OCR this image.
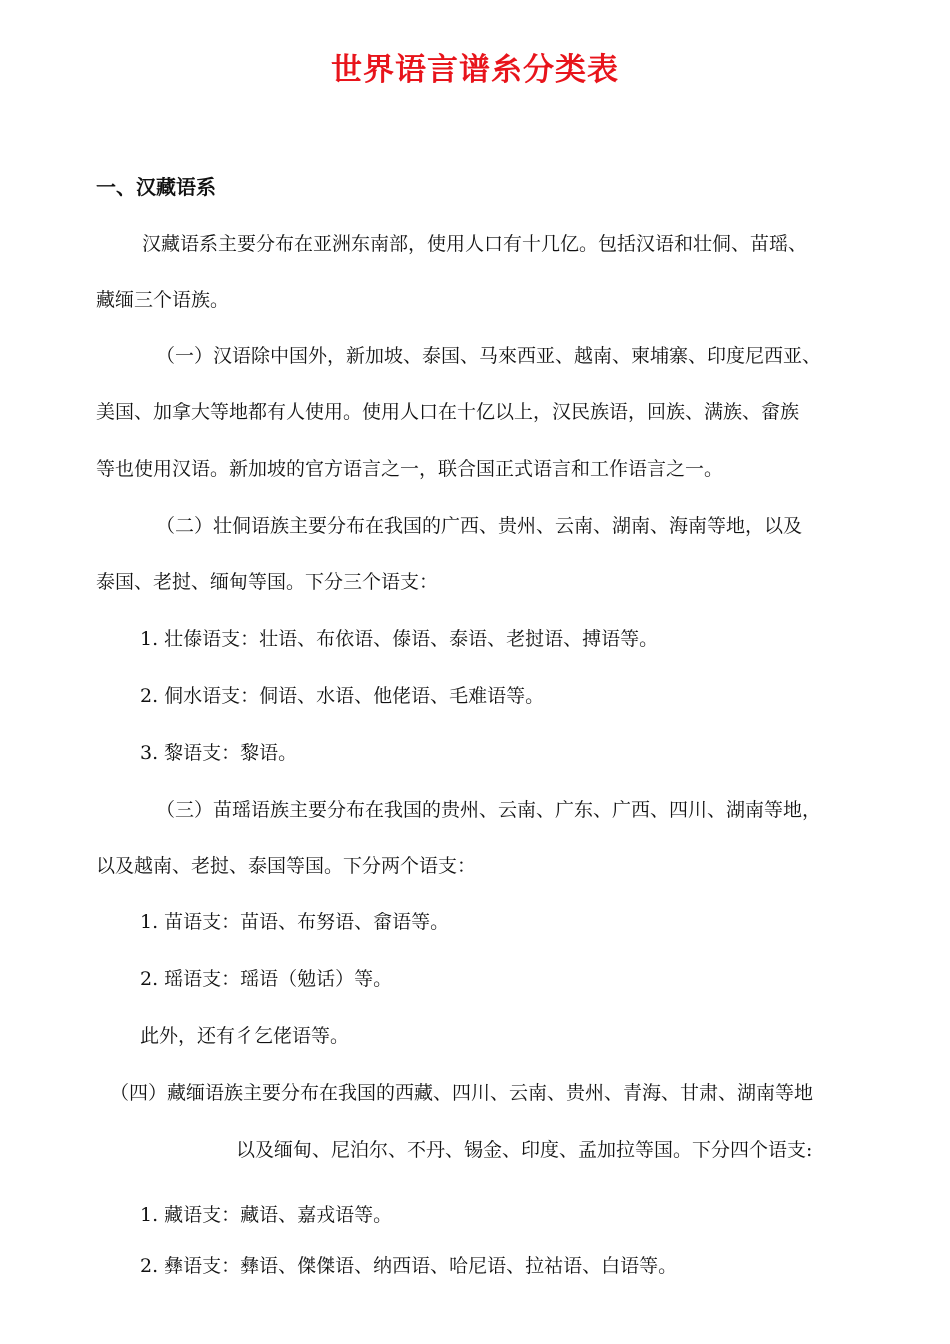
世界语言谱糸分类表
一、汉藏语系

汉藏语系主要分布在亚洲东南部，使用人口有十几亿。包括汉语和壮侗、苗瑶、

藏缅三个语族。

（一）汉语除中国外，新加坡、泰国、马來西亚、越南、柬埔寨、印度尼西亚、

美国、加拿大等地都有人使用。使用人口在十亿以上，汉民族语，回族、满族、畲族

等也使用汉语。新加坡的官方语言之一，联合国正式语言和工作语言之一。

（二）壮侗语族主要分布在我国的广西、贵州、云南、湖南、海南等地，以及

泰国、老挝、缅甸等国。下分三个语支：

1. 壮傣语支：壮语、布依语、傣语、泰语、老挝语、搏语等。

2. 侗水语支：侗语、水语、他佬语、毛难语等。

3. 黎语支：黎语。

（三）苗瑶语族主要分布在我国的贵州、云南、广东、广西、四川、湖南等地，

以及越南、老挝、泰国等国。下分两个语支：

1. 苗语支：苗语、布努语、畲语等。

2. 瑶语支：瑶语（勉话）等。

此外，还有彳乞佬语等。

（四）藏缅语族主要分布在我国的西藏、四川、云南、贵州、青海、甘肃、湖南等地

以及缅甸、尼泊尔、不丹、锡金、印度、孟加拉等国。下分四个语支:

1. 藏语支：藏语、嘉戎语等。

2. 彝语支：彝语、傑傑语、纳西语、哈尼语、拉祜语、白语等。
